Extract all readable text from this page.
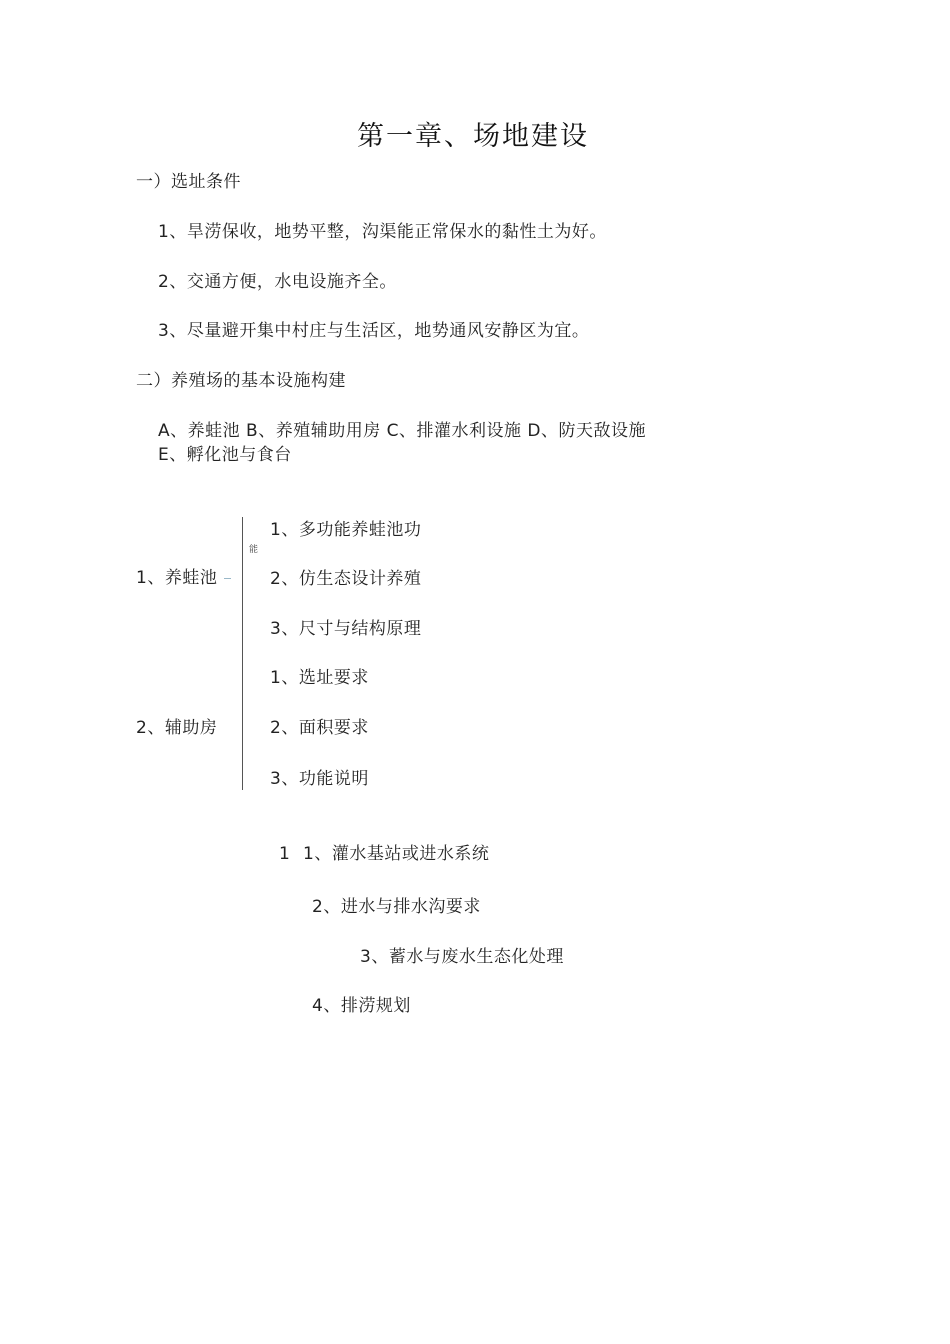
第一章、场地建设
一）选址条件
1、旱涝保收，地势平整，沟渠能正常保水的黏性土为好。
2、交通方便，水电设施齐全。
3、尽量避开集中村庄与生活区，地势通风安静区为宜。
二）养殖场的基本设施构建
A、养蛙池 B、养殖辅助用房 C、排灌水利设施 D、防天敌设施
E、孵化池与食台
1、养蛙池
1、多功能养蛙池功
能
2、仿生态设计养殖
3、尺寸与结构原理
2、辅助房
1、选址要求
2、面积要求
3、功能说明
1 1、灌水基站或进水系统
2、进水与排水沟要求
3、蓄水与废水生态化处理
4、排涝规划
